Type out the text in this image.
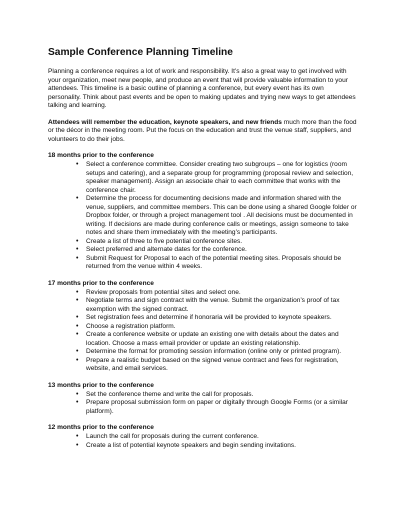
Sample Conference Planning Timeline

Planning a conference requires a lot of work and responsibility. It’s also a great way to get involved with your organization, meet new people, and produce an event that will provide valuable information to your attendees. This timeline is a basic outline of planning a conference, but every event has its own personality. Think about past events and be open to making updates and trying new ways to get attendees talking and learning.

Attendees will remember the education, keynote speakers, and new friends much more than the food or the décor in the meeting room. Put the focus on the education and trust the venue staff, suppliers, and volunteers to do their jobs.

18 months prior to the conference
• Select a conference committee. Consider creating two subgroups – one for logistics (room setups and catering), and a separate group for programming (proposal review and selection, speaker management). Assign an associate chair to each committee that works with the conference chair.
• Determine the process for documenting decisions made and information shared with the venue, suppliers, and committee members. This can be done using a shared Google folder or Dropbox folder, or through a project management tool . All decisions must be documented in writing. If decisions are made during conference calls or meetings, assign someone to take notes and share them immediately with the meeting’s participants.
• Create a list of three to five potential conference sites.
• Select preferred and alternate dates for the conference.
• Submit Request for Proposal to each of the potential meeting sites. Proposals should be returned from the venue within 4 weeks.
17 months prior to the conference
• Review proposals from potential sites and select one.
• Negotiate terms and sign contract with the venue. Submit the organization’s proof of tax exemption with the signed contract.
• Set registration fees and determine if honoraria will be provided to keynote speakers.
• Choose a registration platform.
• Create a conference website or update an existing one with details about the dates and location. Choose a mass email provider or update an existing relationship.
• Determine the format for promoting session information (online only or printed program).
• Prepare a realistic budget based on the signed venue contract and fees for registration, website, and email services.
13 months prior to the conference
• Set the conference theme and write the call for proposals.
• Prepare proposal submission form on paper or digitally through Google Forms (or a similar platform).
12 months prior to the conference
• Launch the call for proposals during the current conference.
• Create a list of potential keynote speakers and begin sending invitations.
